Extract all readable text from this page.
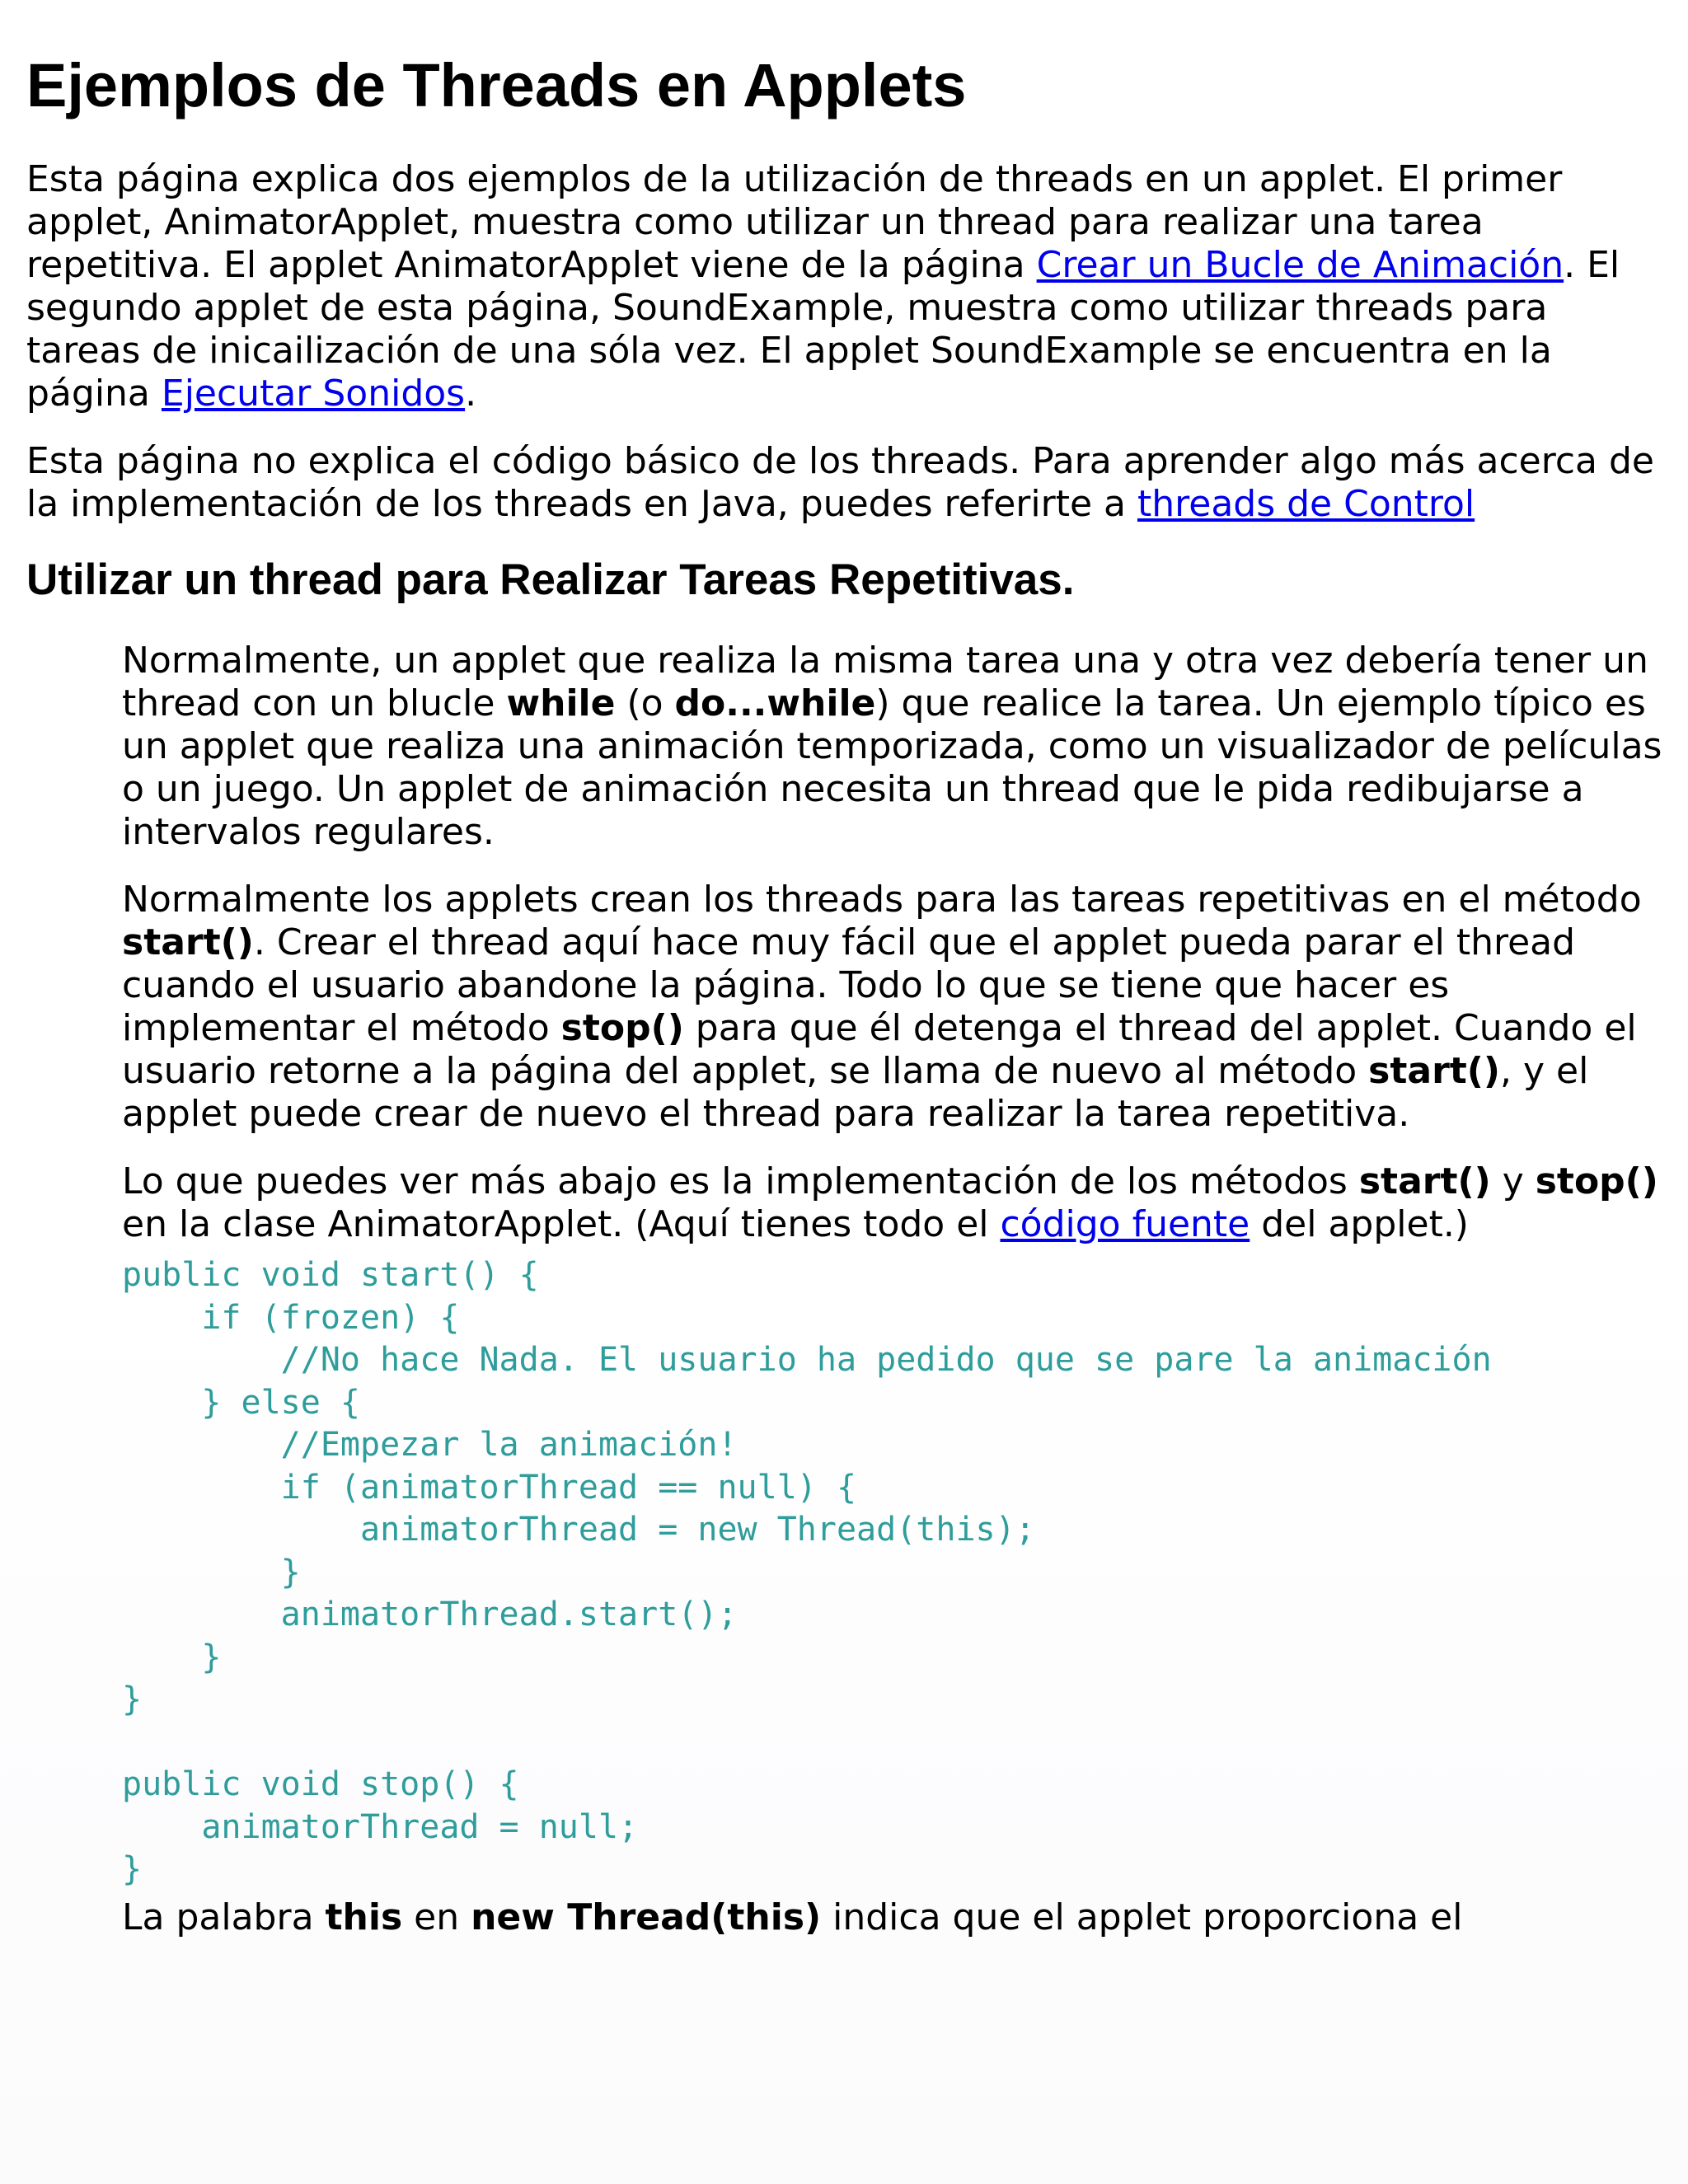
Ejemplos de Threads en Applets

Esta página explica dos ejemplos de la utilización de threads en un applet. El primer applet, AnimatorApplet, muestra como utilizar un thread para realizar una tarea repetitiva. El applet AnimatorApplet viene de la página Crear un Bucle de Animación. El segundo applet de esta página, SoundExample, muestra como utilizar threads para tareas de inicailización de una sóla vez. El applet SoundExample se encuentra en la página Ejecutar Sonidos.

Esta página no explica el código básico de los threads. Para aprender algo más acerca de la implementación de los threads en Java, puedes referirte a threads de Control

Utilizar un thread para Realizar Tareas Repetitivas.

Normalmente, un applet que realiza la misma tarea una y otra vez debería tener un thread con un blucle while (o do...while) que realice la tarea. Un ejemplo típico es un applet que realiza una animación temporizada, como un visualizador de películas o un juego. Un applet de animación necesita un thread que le pida redibujarse a intervalos regulares.

Normalmente los applets crean los threads para las tareas repetitivas en el método start(). Crear el thread aquí hace muy fácil que el applet pueda parar el thread cuando el usuario abandone la página. Todo lo que se tiene que hacer es implementar el método stop() para que él detenga el thread del applet. Cuando el usuario retorne a la página del applet, se llama de nuevo al método start(), y el applet puede crear de nuevo el thread para realizar la tarea repetitiva.

Lo que puedes ver más abajo es la implementación de los métodos start() y stop() en la clase AnimatorApplet. (Aquí tienes todo el código fuente del applet.)

public void start() {
if (frozen) {
//No hace Nada. El usuario ha pedido que se pare la animación
} else {
//Empezar la animación!
if (animatorThread == null) {
animatorThread = new Thread(this);
}
animatorThread.start();
}
}

public void stop() {
animatorThread = null;
}

La palabra this en new Thread(this) indica que el applet proporciona el
